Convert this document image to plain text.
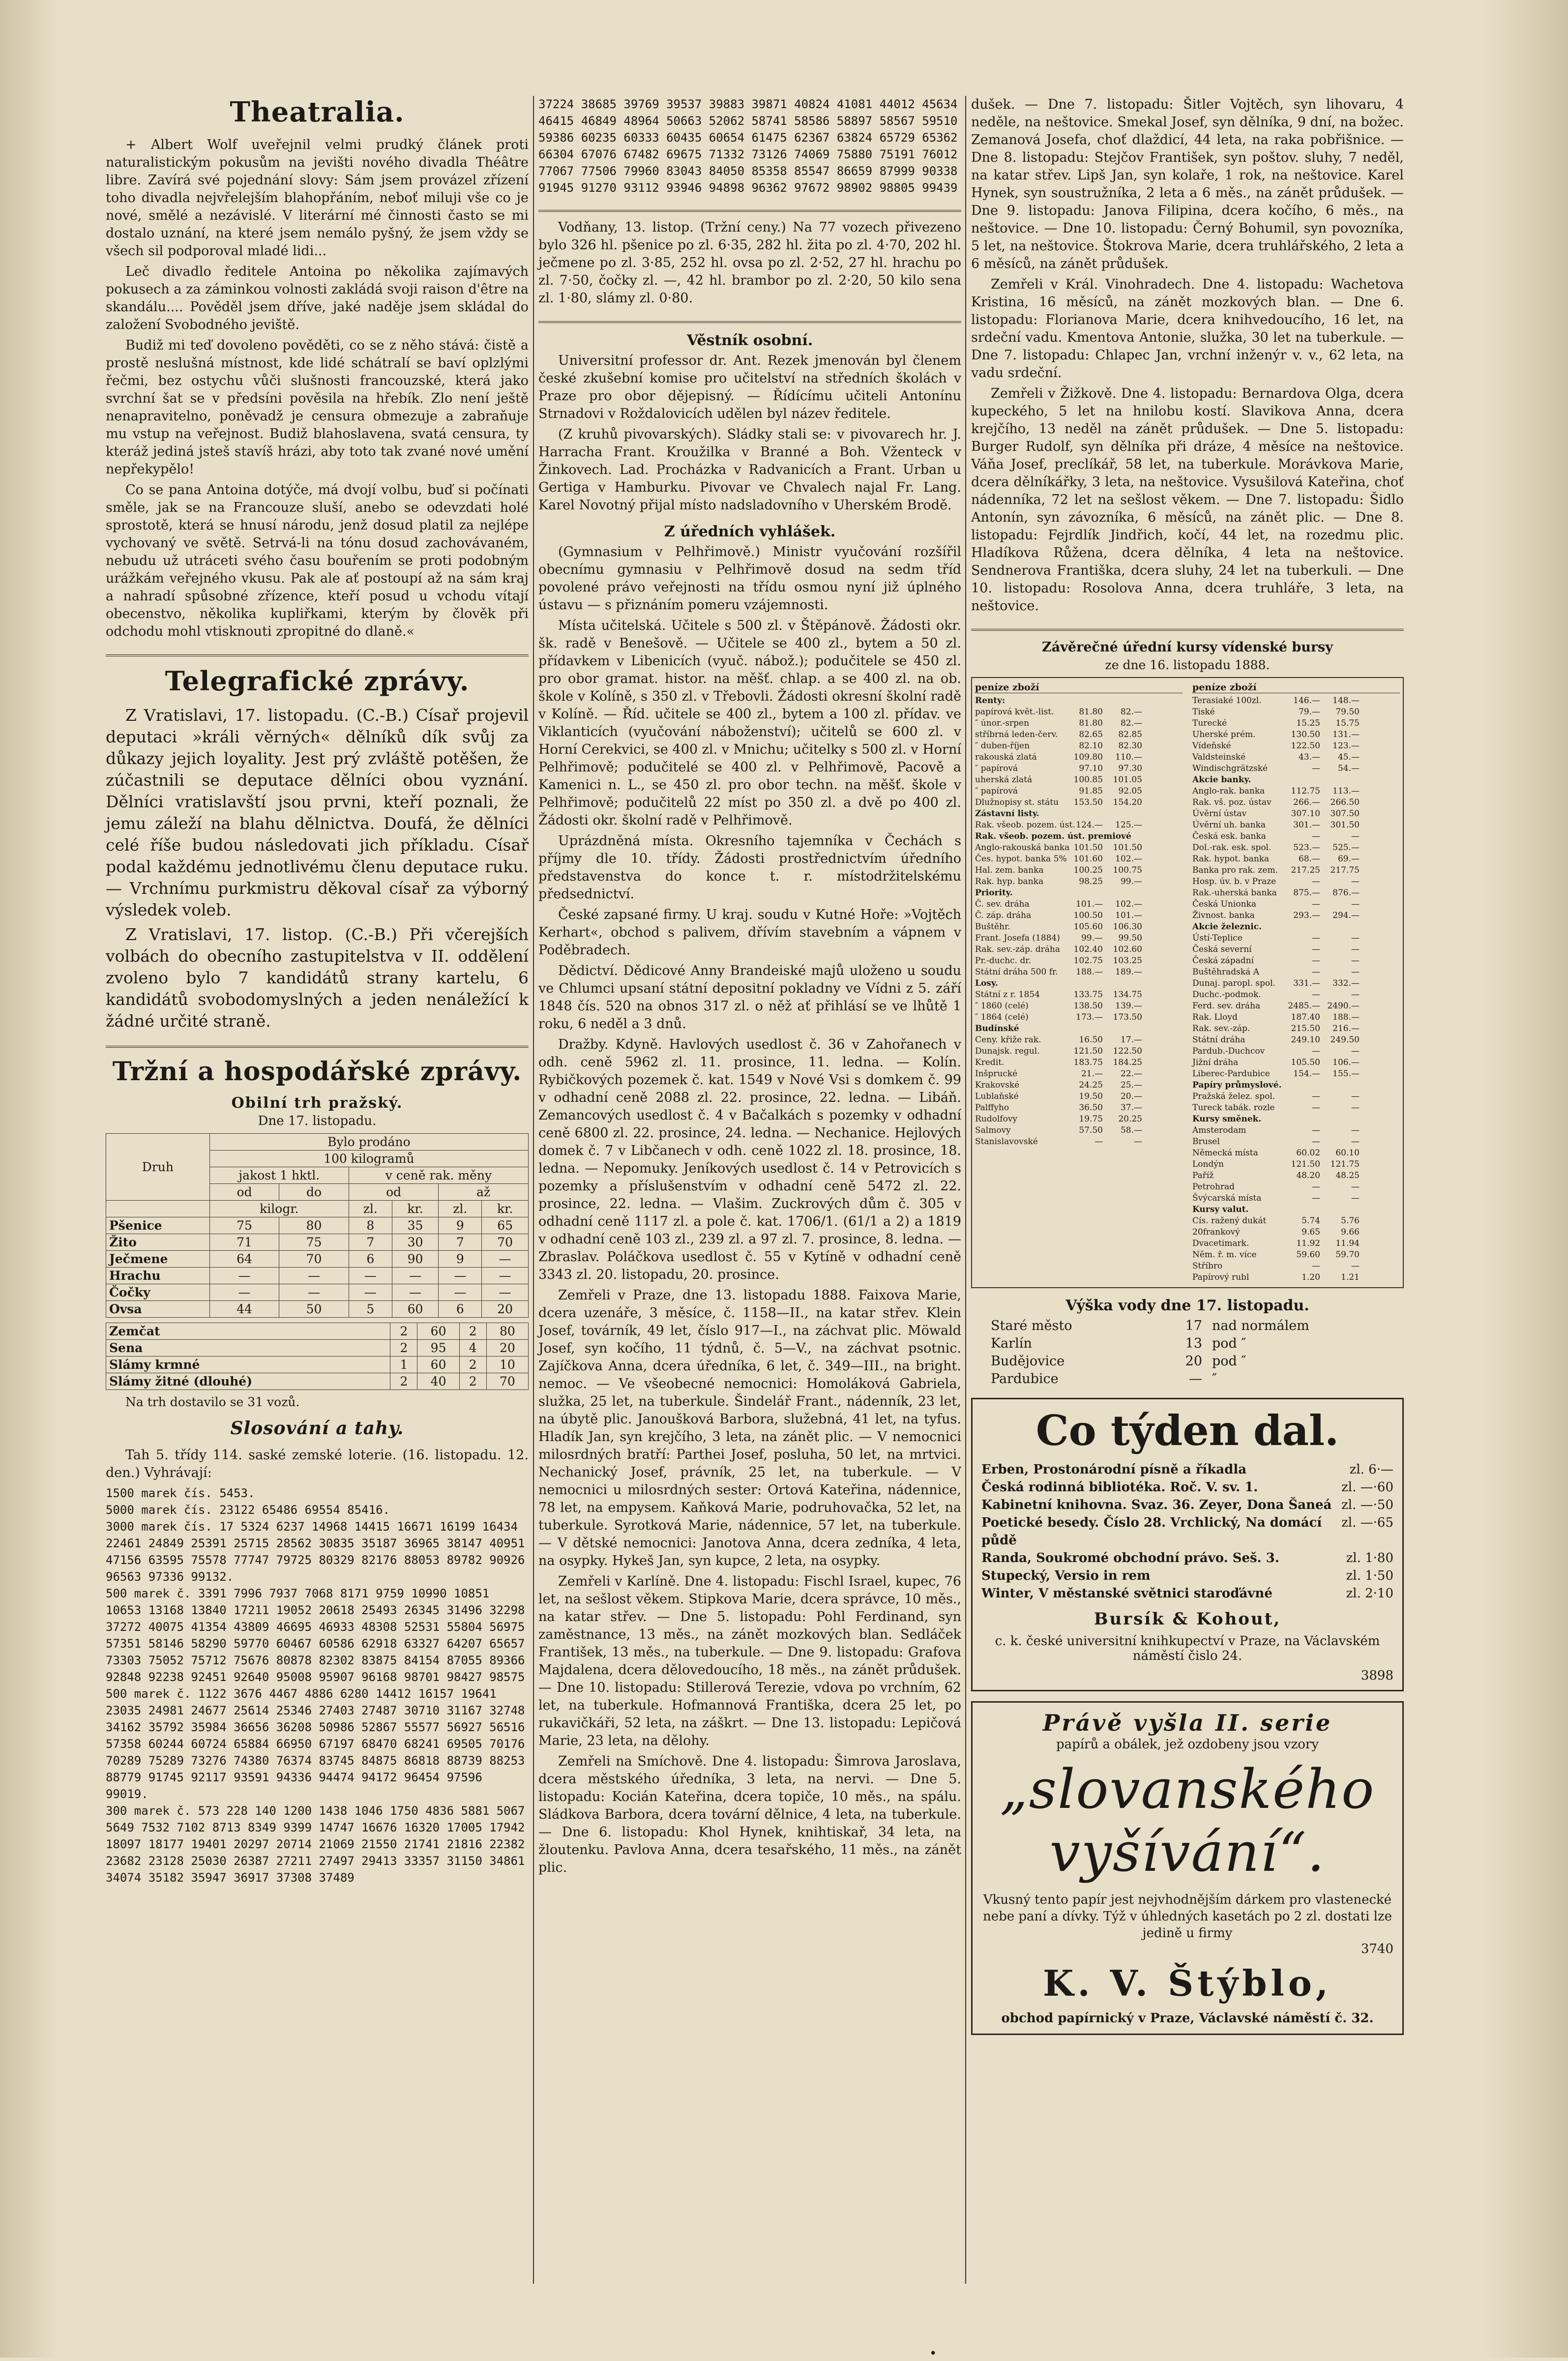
Theatralia.

+ Albert Wolf uveřejnil velmi prudký článek proti naturalistickým pokusům na jevišti nového divadla Théâtre libre. Zavírá své pojednání slovy: Sám jsem provázel zřízení toho divadla nejvřelejším blahopřáním, neboť miluji vše co je nové, smělé a nezávislé. V literární mé činnosti často se mi dostalo uznání, na které jsem nemálo pyšný, že jsem vždy se všech sil podporoval mladé lidi...

Leč divadlo ředitele Antoina po několika zajímavých pokusech a za záminkou volnosti zakládá svoji raison d'être na skandálu.... Pověděl jsem dříve, jaké naděje jsem skládal do založení Svobodného jeviště.

Budiž mi teď dovoleno pověděti, co se z něho stává: čistě a prostě neslušná místnost, kde lidé schátralí se baví oplzlými řečmi, bez ostychu vůči slušnosti francouzské, která jako svrchní šat se v předsíni pověsila na hřebík. Zlo není ještě nenapravitelno, poněvadž je censura obmezuje a zabraňuje mu vstup na veřejnost. Budiž blahoslavena, svatá censura, ty kteráž jediná jsteš stavíš hrázi, aby toto tak zvané nové umění nepřekypělo!

Co se pana Antoina dotýče, má dvojí volbu, buď si počínati směle, jak se na Francouze sluší, anebo se odevzdati holé sprostotě, která se hnusí národu, jenž dosud platil za nejlépe vychovaný ve světě. Setrvá-li na tónu dosud zachovávaném, nebudu už utráceti svého času bouřením se proti podobným urážkám veřejného vkusu. Pak ale ať postoupí až na sám kraj a nahradí spůsobné zřízence, kteří posud u vchodu vítají obecenstvo, několika kupliřkami, kterým by člověk při odchodu mohl vtisknouti zpropitné do dlaně.«

Telegrafické zprávy.

Z Vratislavi, 17. listopadu. (C.-B.) Císař projevil deputaci »králi věrných« dělníků dík svůj za důkazy jejich loyality. Jest prý zvláště potěšen, že zúčastnili se deputace dělníci obou vyznání. Dělníci vratislavští jsou prvni, kteří poznali, že jemu záleží na blahu dělnictva. Doufá, že dělníci celé říše budou následovati jich příkladu. Císař podal každému jednotlivému členu deputace ruku. — Vrchnímu purkmistru děkoval císař za výborný výsledek voleb.

Z Vratislavi, 17. listop. (C.-B.) Při včerejších volbách do obecního zastupitelstva v II. oddělení zvoleno bylo 7 kandidátů strany kartelu, 6 kandidátů svobodomyslných a jeden nenáležící k žádné určité straně.

Tržní a hospodářské zprávy.
Obilní trh pražský.
Dne 17. listopadu.
Druh	Bylo prodáno					
	100 kilogramů					
	jakost 1 hktl.		v ceně rak. měny			
	od	do	od		až	
	kilogr.		zl.	kr.	zl.	kr.
Pšenice	75	80	8	35	9	65
Žito	71	75	7	30	7	70
Ječmene	64	70	6	90	9	—
Hrachu	—	—	—	—	—	—
Čočky	—	—	—	—	—	—
Ovsa	44	50	5	60	6	20
Zemčat	2	60	2	80
Sena	2	95	4	20
Slámy krmné	1	60	2	10
Slámy žitné (dlouhé)	2	40	2	70
Na trh dostavilo se 31 vozů.
Slosování a tahy.

Tah 5. třídy 114. saské zemské loterie. (16. listopadu. 12. den.) Vyhrávají:

1500 marek čís. 5453.
5000 marek čís. 23122 65486 69554 85416.
3000 marek čís. 17 5324 6237 14968 14415 16671 16199 16434 22461 24849 25391 25715 28562 30835 35187 36965 38147 40951 47156 63595 75578 77747 79725 80329 82176 88053 89782 90926 96563 97336 99132.
500 marek č. 3391 7996 7937 7068 8171 9759 10990 10851 10653 13168 13840 17211 19052 20618 25493 26345 31496 32298 37272 40075 41354 43809 46695 46933 48308 52531 55804 56975 57351 58146 58290 59770 60467 60586 62918 63327 64207 65657 73303 75052 75712 75676 80878 82302 83875 84154 87055 89366 92848 92238 92451 92640 95008 95907 96168 98701 98427 98575
500 marek č. 1122 3676 4467 4886 6280 14412 16157 19641 23035 24981 24677 25614 25346 27403 27487 30710 31167 32748 34162 35792 35984 36656 36208 50986 52867 55577 56927 56516 57358 60244 60724 65884 66950 67197 68470 68241 69505 70176 70289 75289 73276 74380 76374 83745 84875 86818 88739 88253 88779 91745 92117 93591 94336 94474 94172 96454 97596 99019.
300 marek č. 573 228 140 1200 1438 1046 1750 4836 5881 5067 5649 7532 7102 8713 8349 9399 14747 16676 16320 17005 17942 18097 18177 19401 20297 20714 21069 21550 21741 21816 22382 23682 23128 25030 26387 27211 27497 29413 33357 31150 34861 34074 35182 35947 36917 37308 37489
37224 38685 39769 39537 39883 39871 40824 41081 44012 45634 46415 46849 48964 50663 52062 58741 58586 58897 58567 59510 59386 60235 60333 60435 60654 61475 62367 63824 65729 65362 66304 67076 67482 69675 71332 73126 74069 75880 75191 76012 77067 77506 79960 83043 84050 85358 85547 86659 87999 90338 91945 91270 93112 93946 94898 96362 97672 98902 98805 99439

Vodňany, 13. listop. (Tržní ceny.) Na 77 vozech přivezeno bylo 326 hl. pšenice po zl. 6·35, 282 hl. žita po zl. 4·70, 202 hl. ječmene po zl. 3·85, 252 hl. ovsa po zl. 2·52, 27 hl. hrachu po zl. 7·50, čočky zl. —, 42 hl. brambor po zl. 2·20, 50 kilo sena zl. 1·80, slámy zl. 0·80.

Věstník osobní.

Universitní professor dr. Ant. Rezek jmenován byl členem české zkušební komise pro učitelství na středních školách v Praze pro obor dějepisný. — Řídícímu učiteli Antonínu Strnadovi v Roždalovicích udělen byl název ředitele.

(Z kruhů pivovarských). Sládky stali se: v pivovarech hr. J. Harracha Frant. Kroužilka v Branné a Boh. Vženteck v Žinkovech. Lad. Procházka v Radvanicích a Frant. Urban u Gertiga v Hamburku. Pivovar ve Chvalech najal Fr. Lang. Karel Novotný přijal místo nadsladovního v Uherském Brodě.

Z úředních vyhlášek.

(Gymnasium v Pelhřimově.) Ministr vyučování rozšířil obecnímu gymnasiu v Pelhřimově dosud na sedm tříd povolené právo veřejnosti na třídu osmou nyní již úplného ústavu — s přiznáním pomeru vzájemnosti.

Místa učitelská. Učitele s 500 zl. v Štěpánově. Žádosti okr. šk. radě v Benešově. — Učitele se 400 zl., bytem a 50 zl. přídavkem v Libenicích (vyuč. nábož.); podučitele se 450 zl. pro obor gramat. histor. na měšť. chlap. a se 400 zl. na ob. škole v Kolíně, s 350 zl. v Třebovli. Žádosti okresní školní radě v Kolíně. — Říd. učitele se 400 zl., bytem a 100 zl. přídav. ve Viklanticích (vyučování náboženství); učitelů se 600 zl. v Horní Cerekvici, se 400 zl. v Mnichu; učitelky s 500 zl. v Horní Pelhřimově; podučitelé se 400 zl. v Pelhřimově, Pacově a Kamenici n. L., se 450 zl. pro obor techn. na měšť. škole v Pelhřimově; podučitelů 22 míst po 350 zl. a dvě po 400 zl. Žádosti okr. školní radě v Pelhřimově.

Uprázdněná místa. Okresního tajemníka v Čechách s příjmy dle 10. třídy. Žádosti prostřednictvím úředního představenstva do konce t. r. místodržitelskému předsednictví.

České zapsané firmy. U kraj. soudu v Kutné Hoře: »Vojtěch Kerhart«, obchod s palivem, dřívím stavebním a vápnem v Poděbradech.

Dědictví. Dědicové Anny Brandeiské majů uloženo u soudu ve Chlumci upsaní státní depositní pokladny ve Vídni z 5. září 1848 čís. 520 na obnos 317 zl. o něž ať přihlásí se ve lhůtě 1 roku, 6 neděl a 3 dnů.

Dražby. Kdyně. Havlových usedlost č. 36 v Zahořanech v odh. ceně 5962 zl. 11. prosince, 11. ledna. — Kolín. Rybičkových pozemek č. kat. 1549 v Nové Vsi s domkem č. 99 v odhadní ceně 2088 zl. 22. prosince, 22. ledna. — Libáň. Zemancových usedlost č. 4 v Bačalkách s pozemky v odhadní ceně 6800 zl. 22. prosince, 24. ledna. — Nechanice. Hejlových domek č. 7 v Libčanech v odh. ceně 1022 zl. 18. prosince, 18. ledna. — Nepomuky. Jeníkových usedlost č. 14 v Petrovicích s pozemky a příslušenstvím v odhadní ceně 5472 zl. 22. prosince, 22. ledna. — Vlašim. Zuckrových dům č. 305 v odhadní ceně 1117 zl. a pole č. kat. 1706/1. (61/1 a 2) a 1819 v odhadní ceně 103 zl., 239 zl. a 97 zl. 7. prosince, 8. ledna. — Zbraslav. Poláčkova usedlost č. 55 v Kytíně v odhadní ceně 3343 zl. 20. listopadu, 20. prosince.

Zemřeli v Praze, dne 13. listopadu 1888. Faixova Marie, dcera uzenáře, 3 měsíce, č. 1158—II., na katar střev. Klein Josef, továrník, 49 let, číslo 917—I., na záchvat plic. Möwald Josef, syn kočího, 11 týdnů, č. 5—V., na záchvat psotnic. Zajíčkova Anna, dcera úředníka, 6 let, č. 349—III., na bright. nemoc. — Ve všeobecné nemocnici: Homoláková Gabriela, služka, 25 let, na tuberkule. Šindelář Frant., nádenník, 23 let, na úbytě plic. Janoušková Barbora, služebná, 41 let, na tyfus. Hladík Jan, syn krejčího, 3 leta, na zánět plic. — V nemocnici milosrdných bratří: Parthei Josef, posluha, 50 let, na mrtvici. Nechanický Josef, právník, 25 let, na tuberkule. — V nemocnici u milosrdných sester: Ortová Kateřina, nádennice, 78 let, na empysem. Kaňková Marie, podruhovačka, 52 let, na tuberkule. Syrotková Marie, nádennice, 57 let, na tuberkule. — V dětské nemocnici: Janotova Anna, dcera zedníka, 4 leta, na osypky. Hykeš Jan, syn kupce, 2 leta, na osypky.

Zemřeli v Karlíně. Dne 4. listopadu: Fischl Israel, kupec, 76 let, na sešlost věkem. Stipkova Marie, dcera správce, 10 měs., na katar střev. — Dne 5. listopadu: Pohl Ferdinand, syn zaměstnance, 13 měs., na zánět mozkových blan. Sedláček František, 13 měs., na tuberkule. — Dne 9. listopadu: Grafova Majdalena, dcera dělovedoucího, 18 měs., na zánět průdušek. — Dne 10. listopadu: Stillerová Terezie, vdova po vrchním, 62 let, na tuberkule. Hofmannová Františka, dcera 25 let, po rukavičkáři, 52 leta, na záškrt. — Dne 13. listopadu: Lepičová Marie, 23 leta, na dělohy.

Zemřeli na Smíchově. Dne 4. listopadu: Šimrova Jaroslava, dcera městského úředníka, 3 leta, na nervi. — Dne 5. listopadu: Kocián Kateřina, dcera topiče, 10 měs., na spálu. Sládkova Barbora, dcera tovární dělnice, 4 leta, na tuberkule. — Dne 6. listopadu: Khol Hynek, knihtiskař, 34 leta, na žloutenku. Pavlova Anna, dcera tesařského, 11 měs., na zánět plic.

dušek. — Dne 7. listopadu: Šitler Vojtěch, syn lihovaru, 4 neděle, na neštovice. Smekal Josef, syn dělníka, 9 dní, na božec. Zemanová Josefa, choť dlaždicí, 44 leta, na raka pobřišnice. — Dne 8. listopadu: Stejčov František, syn poštov. sluhy, 7 neděl, na katar střev. Lipš Jan, syn kolaře, 1 rok, na neštovice. Karel Hynek, syn soustružníka, 2 leta a 6 měs., na zánět průdušek. — Dne 9. listopadu: Janova Filipina, dcera kočího, 6 měs., na neštovice. — Dne 10. listopadu: Černý Bohumil, syn povozníka, 5 let, na neštovice. Štokrova Marie, dcera truhlářského, 2 leta a 6 měsíců, na zánět průdušek.

Zemřeli v Král. Vinohradech. Dne 4. listopadu: Wachetova Kristina, 16 měsíců, na zánět mozkových blan. — Dne 6. listopadu: Florianova Marie, dcera knihvedoucího, 16 let, na srdeční vadu. Kmentova Antonie, služka, 30 let na tuberkule. — Dne 7. listopadu: Chlapec Jan, vrchní inženýr v. v., 62 leta, na vadu srdeční.

Zemřeli v Žižkově. Dne 4. listopadu: Bernardova Olga, dcera kupeckého, 5 let na hnilobu kostí. Slavikova Anna, dcera krejčího, 13 neděl na zánět průdušek. — Dne 5. listopadu: Burger Rudolf, syn dělníka při dráze, 4 měsíce na neštovice. Váňa Josef, preclíkář, 58 let, na tuberkule. Morávkova Marie, dcera dělníkářky, 3 leta, na neštovice. Vysušilová Kateřina, choť nádenníka, 72 let na sešlost věkem. — Dne 7. listopadu: Šidlo Antonín, syn závozníka, 6 měsíců, na zánět plic. — Dne 8. listopadu: Fejrdlík Jindřich, kočí, 44 let, na rozedmu plic. Hladíkova Růžena, dcera dělníka, 4 leta na neštovice. Sendnerova Františka, dcera sluhy, 24 let na tuberkuli. — Dne 10. listopadu: Rosolova Anna, dcera truhláře, 3 leta, na neštovice.

Závěrečné úřední kursy vídenské bursy
ze dne 16. listopadu 1888.
peníze zboží
Renty:
papírová květ.-list.	81.80	82.—
″ únor.-srpen	81.80	82.—
stříbrná leden-červ.	82.65	82.85
″ duben-říjen	82.10	82.30
rakouská zlatá	109.80	110.—
″ papírová	97.10	97.30
uherská zlatá	100.85	101.05
″ papírová	91.85	92.05
Dlužnopisy st. státu	153.50	154.20
Zástavní listy.
Rak. všeob. pozem. úst. 124.—	125.—
Rak. všeob. pozem. úst. premiové
Anglo-rakouská banka 101.50	101.50
Čes. hypot. banka 5% 101.60	102.—
Hal. zem. banka	100.25	100.75
Rak. hyp. banka	98.25	99.—
Priority.
Č. sev. dráha	101.—	102.—
Č. záp. dráha	100.50	101.—
Buštěhr.	105.60	106.30
Frant. Josefa (1884)	99.—	99.50
Rak. sev.-záp. dráha	102.40	102.60
Pr.-duchc. dr.	102.75	103.25
Státní dráha 500 fr.	188.—	189.—
Losy.
Státní z r. 1854	133.75	134.75
″ 1860 (celé)	138.50	139.—
″ 1864 (celé)	173.—	173.50
Budínské
Ceny. křiže rak.	16.50	17.—
Dunajsk. regul.	121.50	122.50
Kredit.	183.75	184.25
Inšprucké	21.—	22.—
Krakovské	24.25	25.—
Lublaňské	19.50	20.—
Palffyho	36.50	37.—
Rudolfovy	19.75	20.25
Salmovy	57.50	58.—
Stanislavovské	—	—
peníze zboží
Terasiaké 100zl.	146.—	148.—
Tiské	79.—	79.50
Turecké	15.25	15.75
Uherské prém.	130.50	131.—
Vídeňské	122.50	123.—
Valdsteinské	43.—	45.—
Windischgrätzské	—	54.—
Akcie banky.
Anglo-rak. banka	112.75	113.—
Rak. vš. poz. ústav	266.—	266.50
Úvěrní ústav	307.10	307.50
Úvěrní uh. banka	301.—	301.50
Česká esk. banka	—	—
Dol.-rak. esk. spol.	523.—	525.—
Rak. hypot. banka	68.—	69.—
Banka pro rak. zem.	217.25	217.75
Hosp. úv. b. v Praze	—	—
Rak.-uherská banka	875.—	876.—
Česká Unionka	—	—
Živnost. banka	293.—	294.—
Akcie železnic.
Ústí-Teplice	—	—
Česká severní	—	—
Česká západní	—	—
Buštěhradská A	—	—
Dunaj. paropl. spol.	331.—	332.—
Duchc.-podmok.	—	—
Ferd. sev. dráha	2485.— 2490.—
Rak. Lloyd	187.40	188.—
Rak. sev.-záp.	215.50	216.—
Státní dráha	249.10	249.50
Pardub.-Duchcov	—	—
Jižní dráha	105.50	106.—
Liberec-Pardubice	154.—	155.—
Papíry průmyslové.
Pražská želez. spol.	—	—
Tureck tabák. rozle	—	—
Kursy směnek.
Amsterodam	—	—
Brusel	—	—
Německá místa	60.02	60.10
Londýn	121.50	121.75
Paříž	48.20	48.25
Petrohrad	—	—
Švýcarská místa	—	—
Kursy valut.
Cís. ražený dukát	5.74	5.76
20frankový	9.65	9.66
Dvacetimark.	11.92	11.94
Něm. ř. m. více	59.60	59.70
Stříbro	—	—
Papírový rubl	1.20	1.21
Výška vody dne 17. listopadu.
Staré město	17 nad normálem
Karlín	13 pod ″
Budějovice	20 pod ″
Pardubice	— ″
Co týden dal.
Erben, Prostonárodní písně a říkadla	zl. 6·—
Česká rodinná bibliotéka. Roč. V. sv. 1.	zl. —·60
Kabinetní knihovna. Svaz. 36. Zeyer, Dona Šaneá zl. —·50
Poetické besedy. Číslo 28. Vrchlický, Na domácí půdě
zl. —·65
Randa, Soukromé obchodní právo. Seš. 3.	zl. 1·80
Stupecký, Versio in rem	zl. 1·50
Winter, V městanské světnici staroďávné	zl. 2·10
Bursík & Kohout,
c. k. české universitní knihkupectví v Praze, na Václavském náměstí čislo 24.
3898
Právě vyšla II. serie
papírů a obálek, jež ozdobeny jsou vzory
„slovanského vyšívání“.
Vkusný tento papír jest nejvhodnějším dárkem pro vlastenecké nebe paní a dívky. Týž v úhledných kasetách po 2 zl. dostati lze jedině u firmy
3740
K. V. Štýblo,
obchod papírnický v Praze, Václavské náměstí č. 32.
•
